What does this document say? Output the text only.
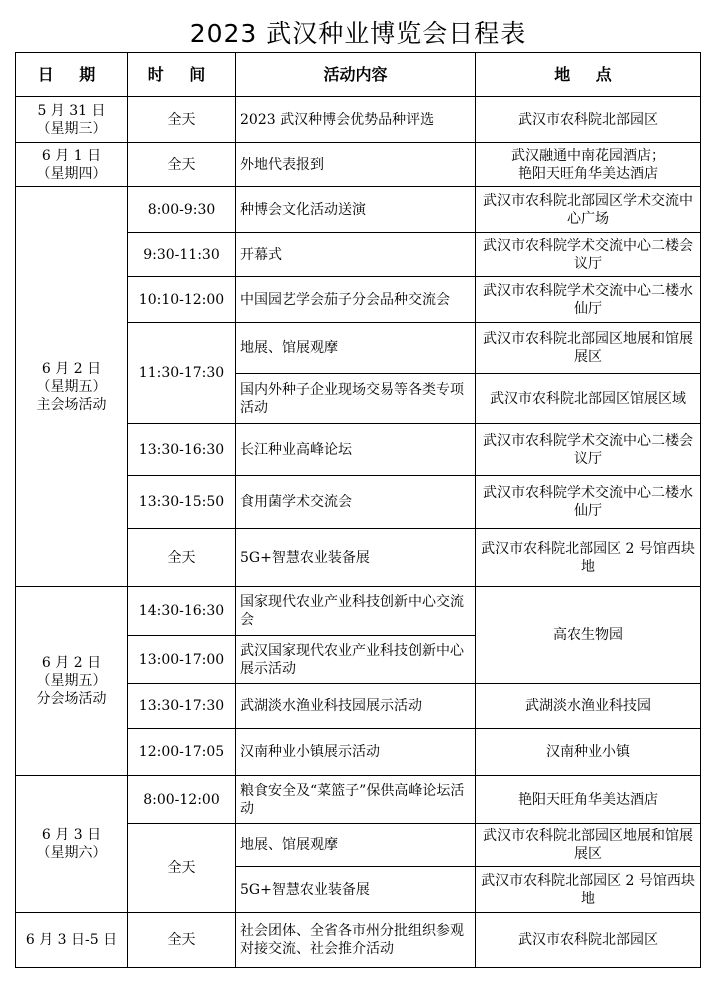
2023 武汉种业博览会日程表
日 期	时 间	活动内容	地 点
5 月 31 日
（星期三）	全天	2023 武汉种博会优势品种评选	武汉市农科院北部园区
6 月 1 日
（星期四）	全天	外地代表报到	武汉融通中南花园酒店；
艳阳天旺角华美达酒店
6 月 2 日
（星期五）
主会场活动	8:00-9:30	种博会文化活动送演	武汉市农科院北部园区学术交流中心广场
	9:30-11:30	开幕式	武汉市农科院学术交流中心二楼会议厅
	10:10-12:00	中国园艺学会茄子分会品种交流会	武汉市农科院学术交流中心二楼水仙厅
	11:30-17:30	地展、馆展观摩	武汉市农科院北部园区地展和馆展展区
		国内外种子企业现场交易等各类专项活动	武汉市农科院北部园区馆展区域
	13:30-16:30	长江种业高峰论坛	武汉市农科院学术交流中心二楼会议厅
	13:30-15:50	食用菌学术交流会	武汉市农科院学术交流中心二楼水仙厅
	全天	5G+智慧农业装备展	武汉市农科院北部园区 2 号馆西块地
6 月 2 日
（星期五）
分会场活动	14:30-16:30	国家现代农业产业科技创新中心交流会	高农生物园
	13:00-17:00	武汉国家现代农业产业科技创新中心展示活动	
	13:30-17:30	武湖淡水渔业科技园展示活动	武湖淡水渔业科技园
	12:00-17:05	汉南种业小镇展示活动	汉南种业小镇
6 月 3 日
（星期六）	8:00-12:00	粮食安全及“菜篮子”保供高峰论坛活动	艳阳天旺角华美达酒店
	全天	地展、馆展观摩	武汉市农科院北部园区地展和馆展展区
		5G+智慧农业装备展	武汉市农科院北部园区 2 号馆西块地
6 月 3 日-5 日	全天	社会团体、全省各市州分批组织参观对接交流、社会推介活动	武汉市农科院北部园区
